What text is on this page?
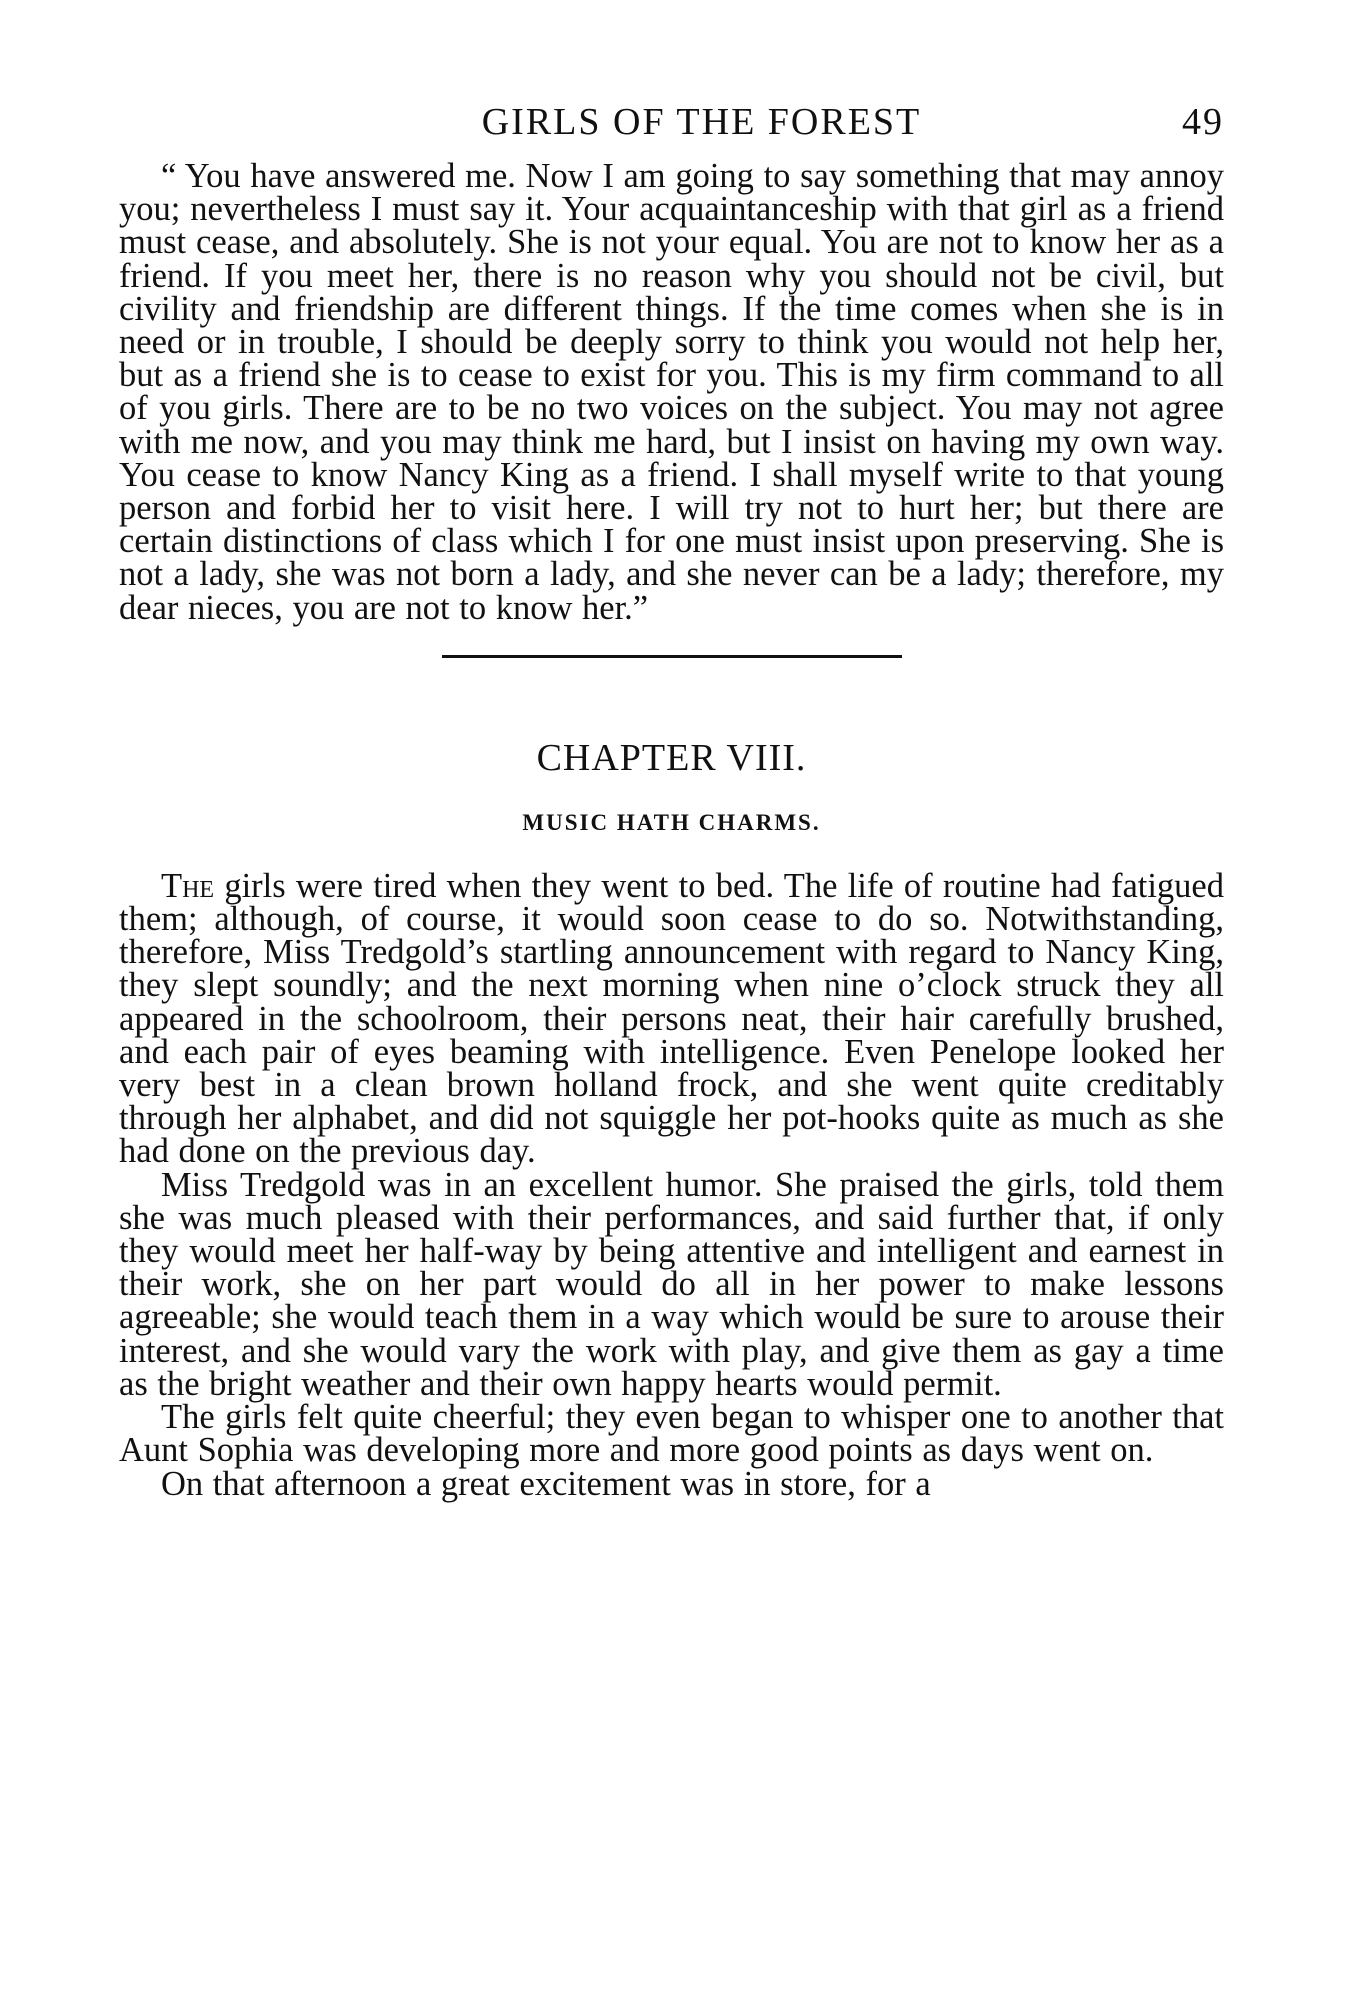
GIRLS OF THE FOREST	49

“ You have answered me. Now I am going to say something that may annoy you; nevertheless I must say it. Your acquaintanceship with that girl as a friend must cease, and absolutely. She is not your equal. You are not to know her as a friend. If you meet her, there is no reason why you should not be civil, but civility and friendship are different things. If the time comes when she is in need or in trouble, I should be deeply sorry to think you would not help her, but as a friend she is to cease to exist for you. This is my firm command to all of you girls. There are to be no two voices on the subject. You may not agree with me now, and you may think me hard, but I insist on having my own way. You cease to know Nancy King as a friend. I shall myself write to that young person and forbid her to visit here. I will try not to hurt her; but there are certain distinctions of class which I for one must insist upon preserving. She is not a lady, she was not born a lady, and she never can be a lady; therefore, my dear nieces, you are not to know her.”

CHAPTER VIII.
MUSIC HATH CHARMS.

The girls were tired when they went to bed. The life of routine had fatigued them; although, of course, it would soon cease to do so. Notwithstanding, therefore, Miss Tredgold’s startling announcement with regard to Nancy King, they slept soundly; and the next morning when nine o’clock struck they all appeared in the schoolroom, their persons neat, their hair carefully brushed, and each pair of eyes beaming with intelligence. Even Penelope looked her very best in a clean brown holland frock, and she went quite creditably through her alphabet, and did not squiggle her pot-hooks quite as much as she had done on the previous day.

Miss Tredgold was in an excellent humor. She praised the girls, told them she was much pleased with their performances, and said further that, if only they would meet her half-way by being attentive and intelligent and earnest in their work, she on her part would do all in her power to make lessons agreeable; she would teach them in a way which would be sure to arouse their interest, and she would vary the work with play, and give them as gay a time as the bright weather and their own happy hearts would permit.

The girls felt quite cheerful; they even began to whisper one to another that Aunt Sophia was developing more and more good points as days went on.

On that afternoon a great excitement was in store, for a
